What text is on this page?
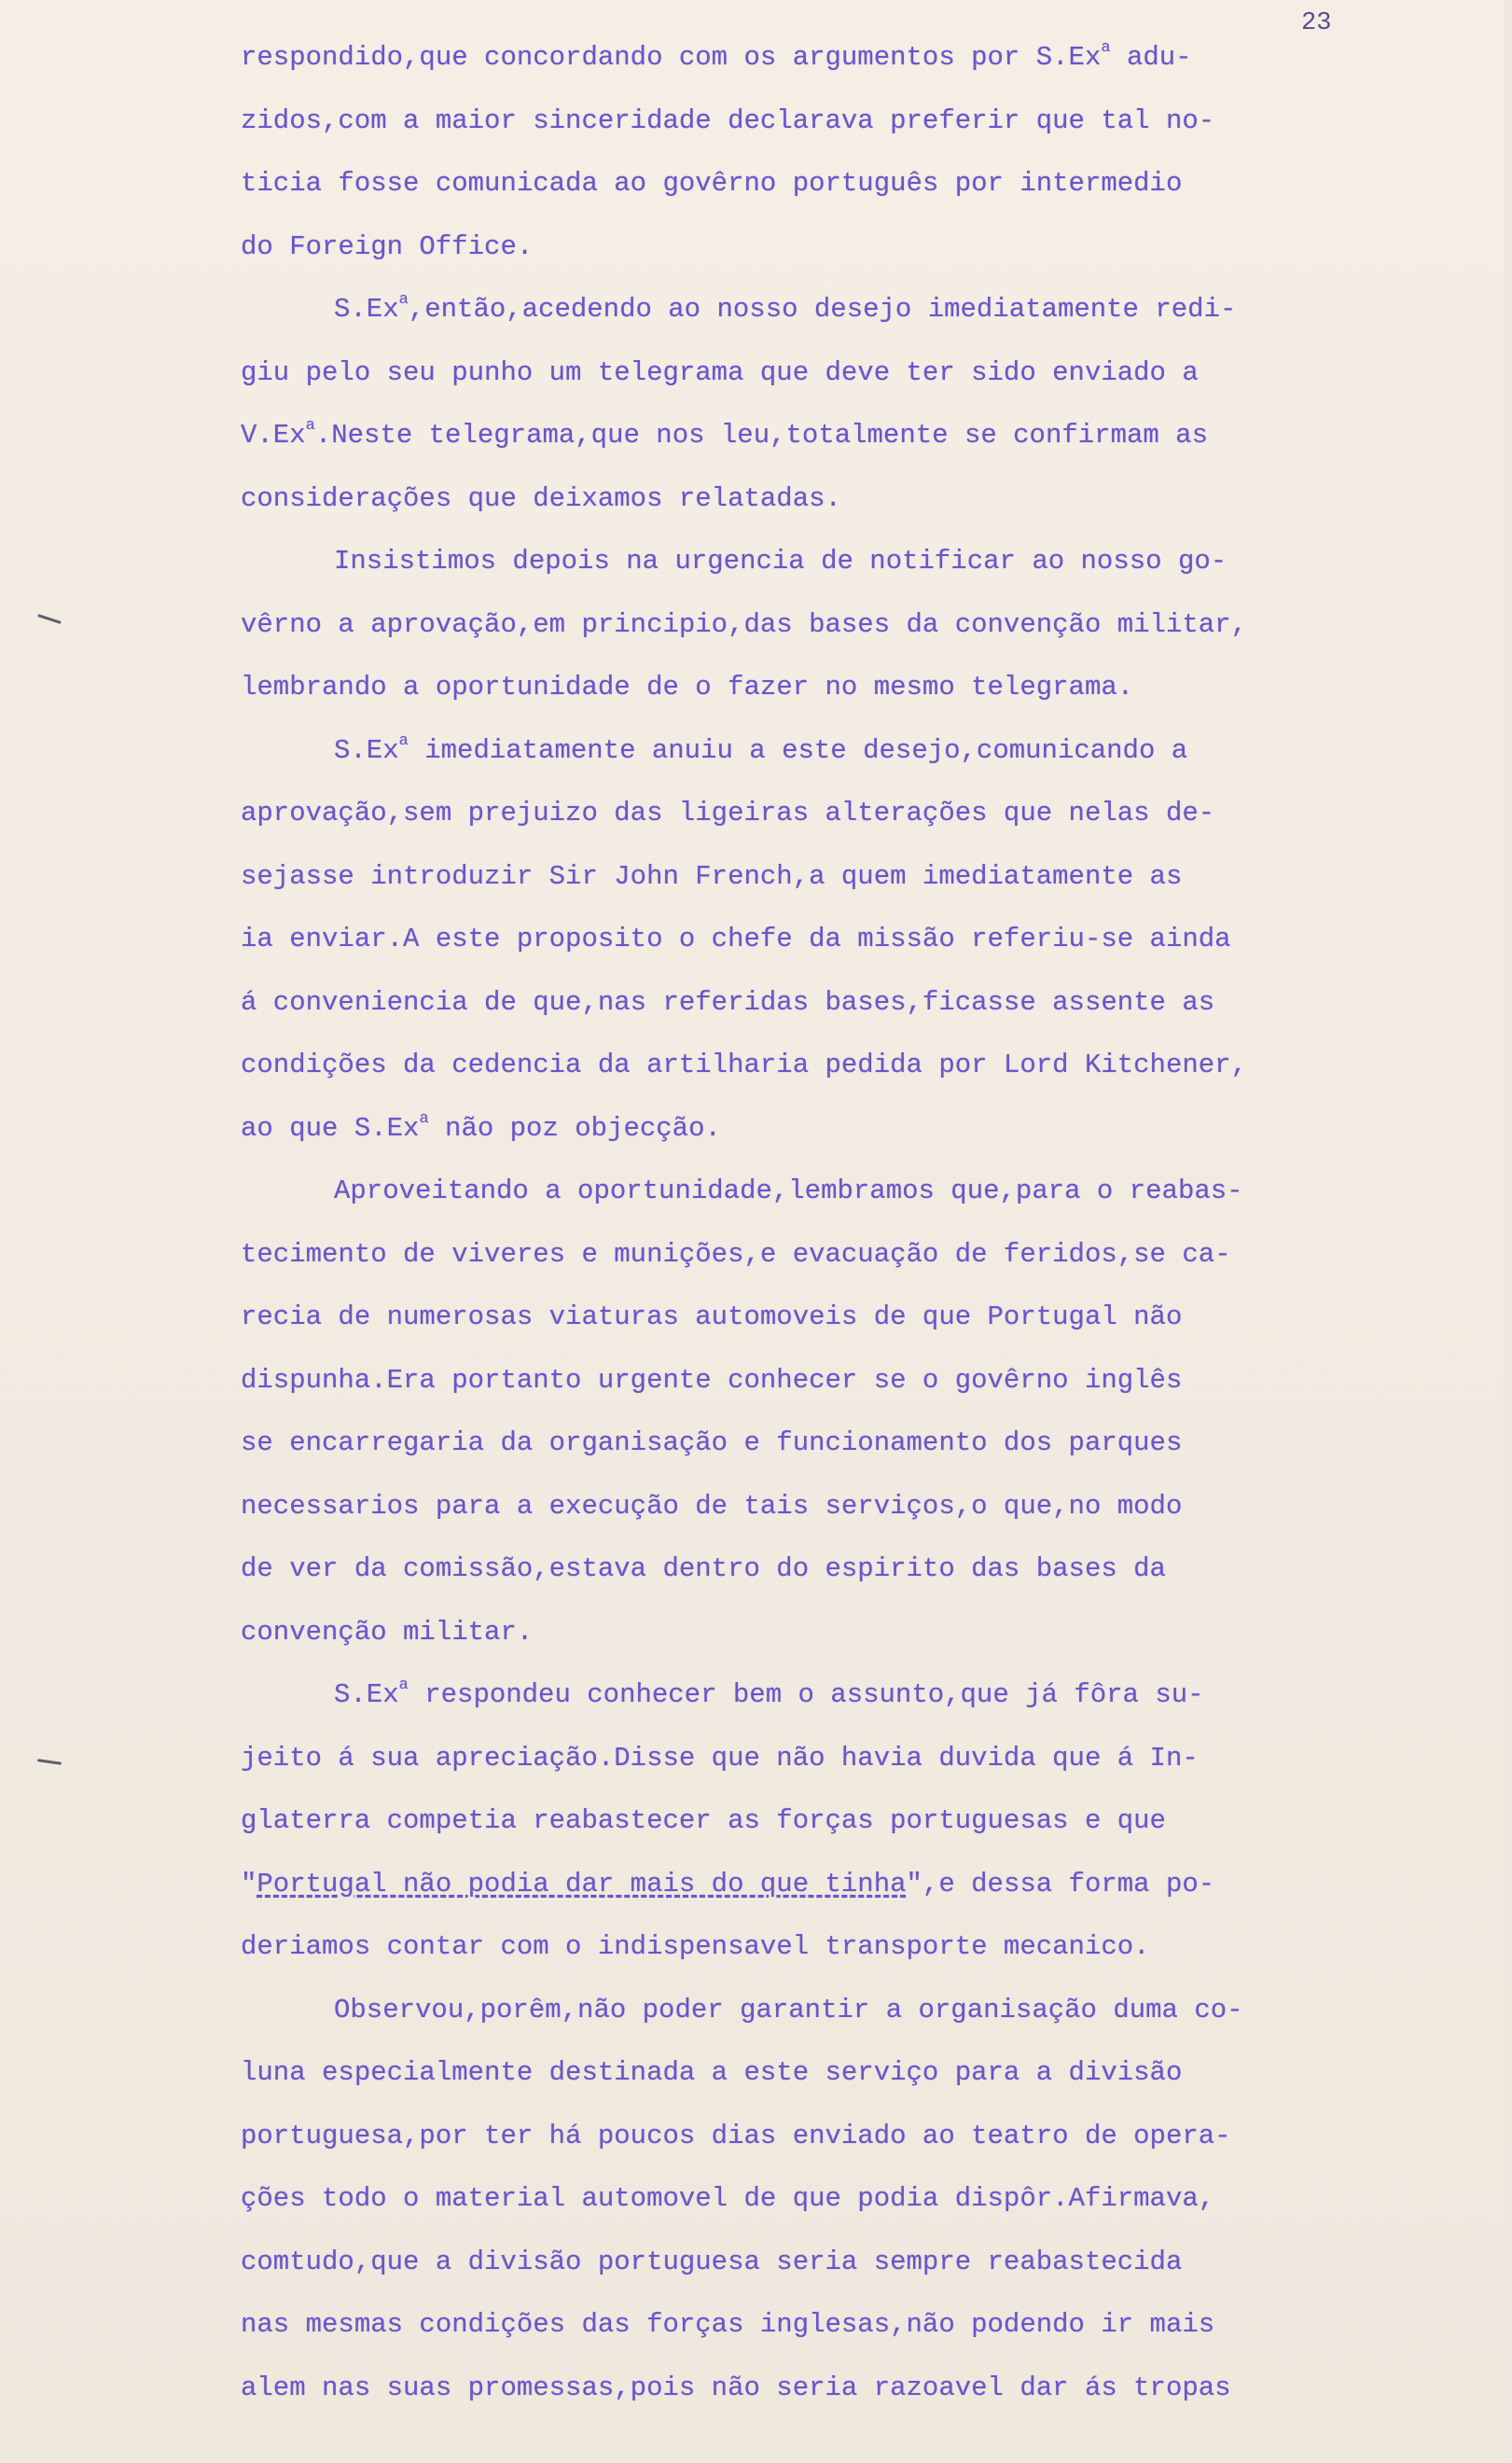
23

respondido,que concordando com os argumentos por S.Ex$^a$ adu-
zidos,com a maior sinceridade declarava preferir que tal no-
ticia fosse comunicada ao govêrno português por intermedio
do Foreign Office.
S.Ex$^a$,então,acedendo ao nosso desejo imediatamente redi-
giu pelo seu punho um telegrama que deve ter sido enviado a
V.Ex$^a$.Neste telegrama,que nos leu,totalmente se confirmam as
considerações que deixamos relatadas.
Insistimos depois na urgencia de notificar ao nosso go-
vêrno a aprovação,em principio,das bases da convenção militar,
lembrando a oportunidade de o fazer no mesmo telegrama.
S.Ex$^a$ imediatamente anuiu a este desejo,comunicando a
aprovação,sem prejuizo das ligeiras alterações que nelas de-
sejasse introduzir Sir John French,a quem imediatamente as
ia enviar.A este proposito o chefe da missão referiu-se ainda
á conveniencia de que,nas referidas bases,ficasse assente as
condições da cedencia da artilharia pedida por Lord Kitchener,
ao que S.Ex$^a$ não poz objecção.
Aproveitando a oportunidade,lembramos que,para o reabas-
tecimento de viveres e munições,e evacuação de feridos,se ca-
recia de numerosas viaturas automoveis de que Portugal não
dispunha.Era portanto urgente conhecer se o govêrno inglês
se encarregaria da organisação e funcionamento dos parques
necessarios para a execução de tais serviços,o que,no modo
de ver da comissão,estava dentro do espirito das bases da
convenção militar.
S.Ex$^a$ respondeu conhecer bem o assunto,que já fôra su-
jeito á sua apreciação.Disse que não havia duvida que á In-
glaterra competia reabastecer as forças portuguesas e que
"Portugal não podia dar mais do que tinha",e dessa forma po-
deriamos contar com o indispensavel transporte mecanico.
Observou,porêm,não poder garantir a organisação duma co-
luna especialmente destinada a este serviço para a divisão
portuguesa,por ter há poucos dias enviado ao teatro de opera-
ções todo o material automovel de que podia dispôr.Afirmava,
comtudo,que a divisão portuguesa seria sempre reabastecida
nas mesmas condições das forças inglesas,não podendo ir mais
alem nas suas promessas,pois não seria razoavel dar ás tropas
